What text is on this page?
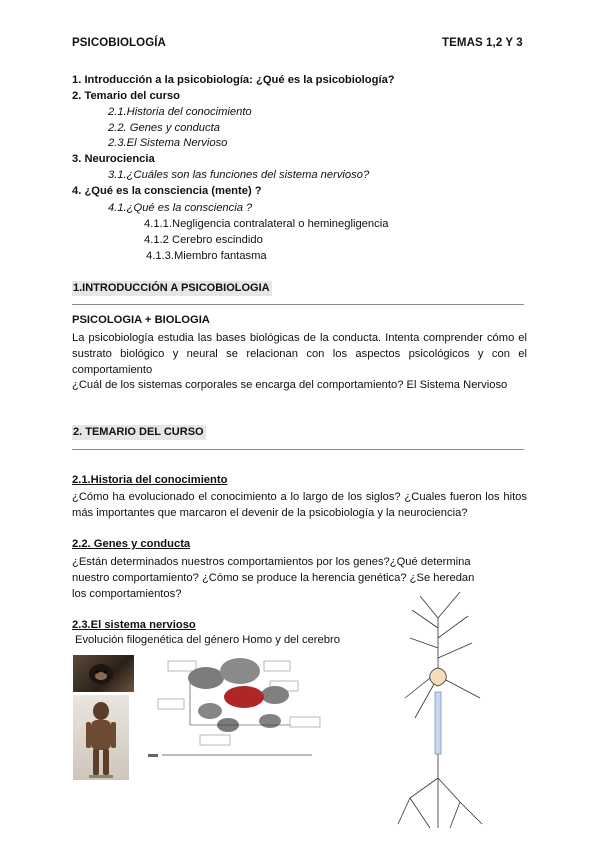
PSICOBIOLOGÍA	TEMAS 1,2 Y 3
1. Introducción a la psicobiología: ¿Qué es la psicobiología?
2. Temario del curso
2.1.Historia del conocimiento
2.2. Genes y conducta
2.3.El Sistema Nervioso
3. Neurociencia
3.1.¿Cuáles son las funciones del sistema nervioso?
4. ¿Qué es la consciencia (mente) ?
4.1.¿Qué es la consciencia ?
4.1.1.Negligencia contralateral o heminegligencia
4.1.2 Cerebro escindido
4.1.3.Miembro fantasma
1.INTRODUCCIÓN A PSICOBIOLOGIA
PSICOLOGIA + BIOLOGIA
La psicobiología estudia las bases biológicas de la conducta. Intenta comprender cómo el sustrato biológico y neural se relacionan con los aspectos psicológicos y con el comportamiento
¿Cuál de los sistemas corporales se encarga del comportamiento? El Sistema Nervioso
2. TEMARIO DEL CURSO
2.1.Historia del conocimiento
¿Cómo ha evolucionado el conocimiento a lo largo de los siglos? ¿Cuales fueron los hitos más importantes que marcaron el devenir de la psicobiología y la neurociencia?
2.2. Genes y conducta
¿Están determinados nuestros comportamientos por los genes?¿Qué determina nuestro comportamiento? ¿Cómo se produce la herencia genética? ¿Se heredan los comportamientos?
2.3.El sistema nervioso
Evolución filogenética del género Homo y del cerebro
